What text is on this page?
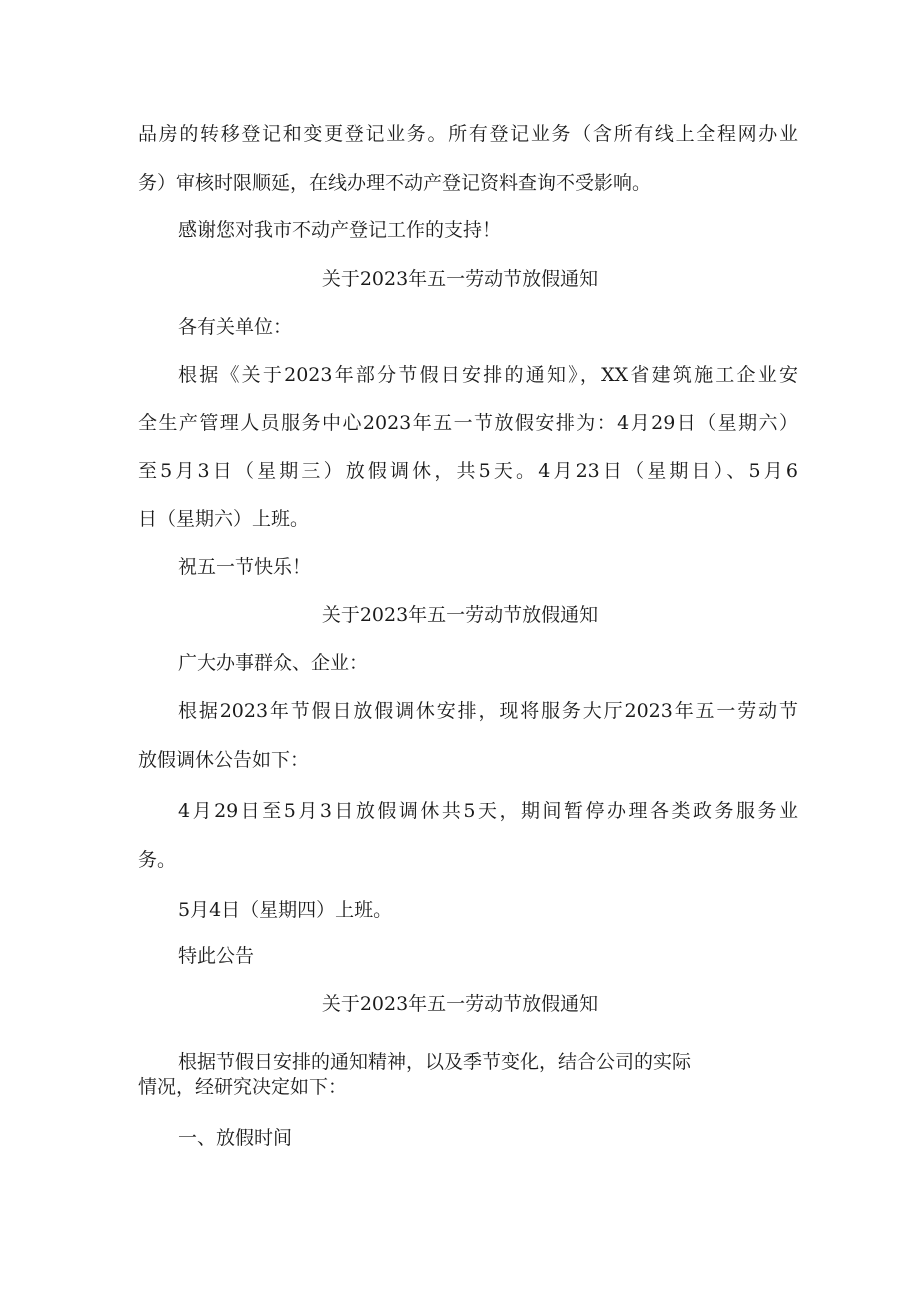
品房的转移登记和变更登记业务。所有登记业务（含所有线上全程网办业
务）审核时限顺延，在线办理不动产登记资料查询不受影响。
感谢您对我市不动产登记工作的支持！
关于2023年五一劳动节放假通知
各有关单位：
根据《关于2023年部分节假日安排的通知》，XX省建筑施工企业安
全生产管理人员服务中心2023年五一节放假安排为：4月29日（星期六）
至5月3日（星期三）放假调休，共5天。4月23日（星期日）、5月6
日（星期六）上班。
祝五一节快乐！
关于2023年五一劳动节放假通知
广大办事群众、企业：
根据2023年节假日放假调休安排，现将服务大厅2023年五一劳动节
放假调休公告如下：
4月29日至5月3日放假调休共5天，期间暂停办理各类政务服务业
务。
5月4日（星期四）上班。
特此公告
关于2023年五一劳动节放假通知
根据节假日安排的通知精神，以及季节变化，结合公司的实际
情况，经研究决定如下：
一、放假时间
